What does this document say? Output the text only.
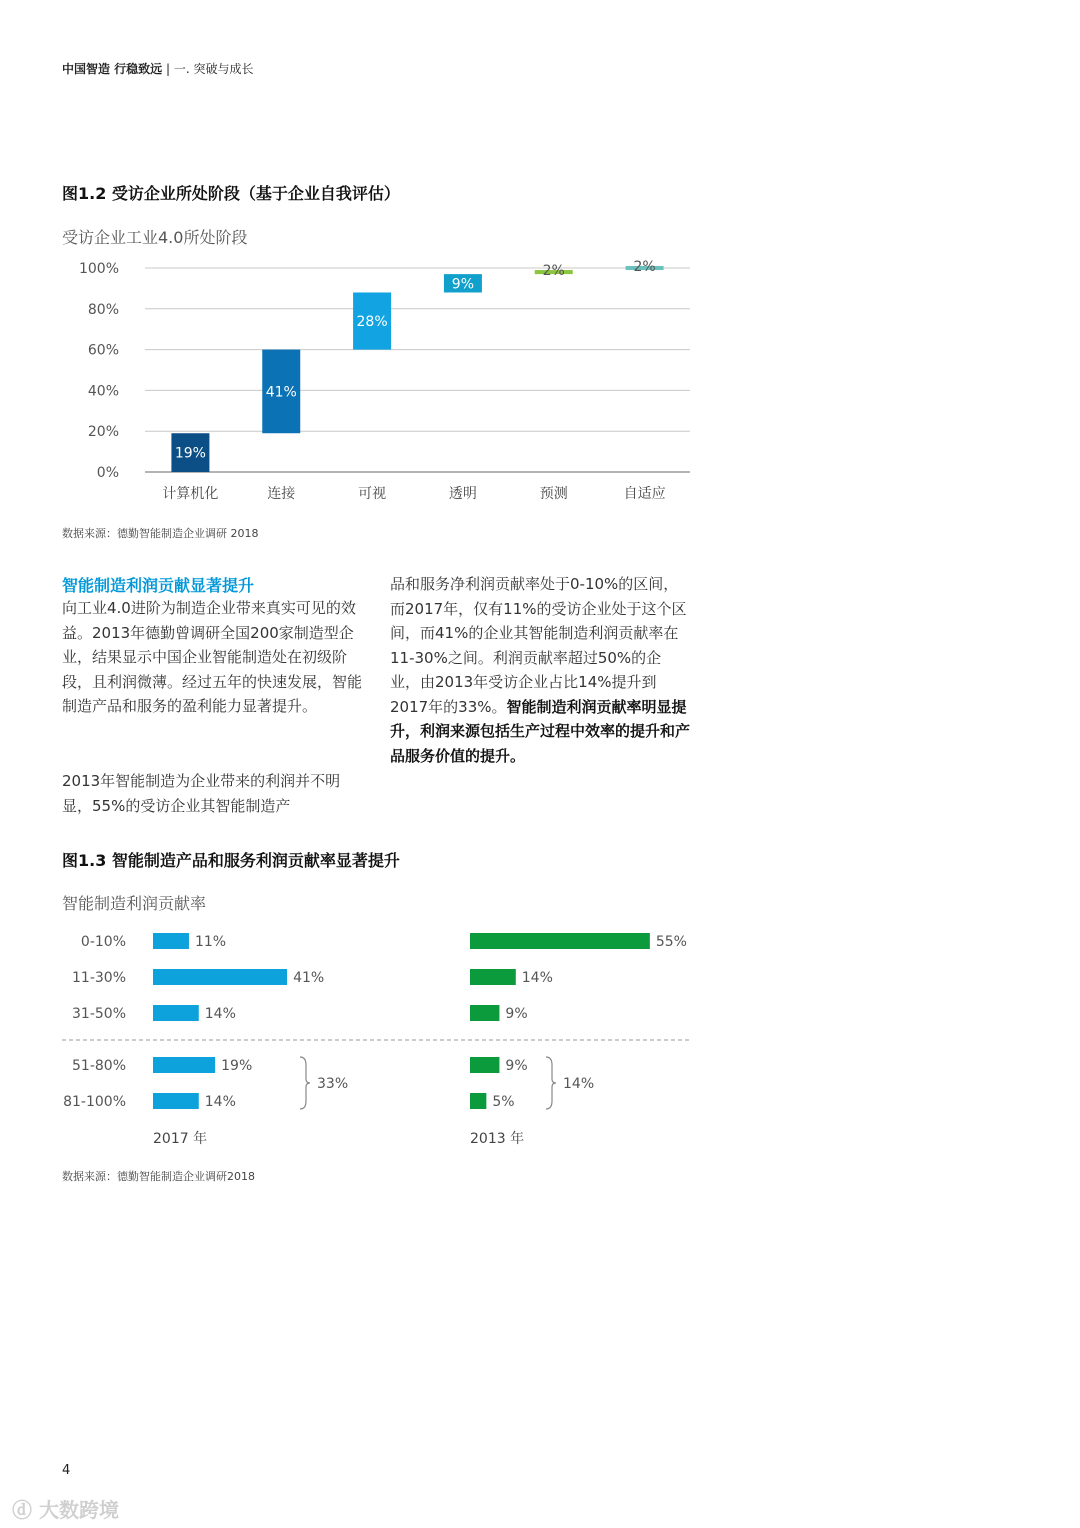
中国智造 行稳致远 | 一. 突破与成长
图1.2 受访企业所处阶段（基于企业自我评估）
受访企业工业4.0所处阶段
0%
20%
40%
60%
80%
100%
19%
计算机化
41%
连接
28%
可视
9%
透明
2%
预测
2%
自适应
数据来源：德勤智能制造企业调研 2018
智能制造利润贡献显著提升
向工业4.0进阶为制造企业带来真实可见的效益。2013年德勤曾调研全国200家制造型企业，结果显示中国企业智能制造处在初级阶段，且利润微薄。经过五年的快速发展，智能制造产品和服务的盈利能力显著提升。
2013年智能制造为企业带来的利润并不明显，55%的受访企业其智能制造产
品和服务净利润贡献率处于0-10%的区间，而2017年，仅有11%的受访企业处于这个区间，而41%的企业其智能制造利润贡献率在11-30%之间。利润贡献率超过50%的企业，由2013年受访企业占比14%提升到2017年的33%。智能制造利润贡献率明显提升，利润来源包括生产过程中效率的提升和产品服务价值的提升。
图1.3 智能制造产品和服务利润贡献率显著提升
智能制造利润贡献率
0-10%
11-30%
31-50%
51-80%
81-100%
11%
41%
14%
19%
14%
2017 年
55%
14%
9%
9%
5%
2013 年
33%	14%
数据来源：德勤智能制造企业调研2018
4
ⓓ 大数跨境
